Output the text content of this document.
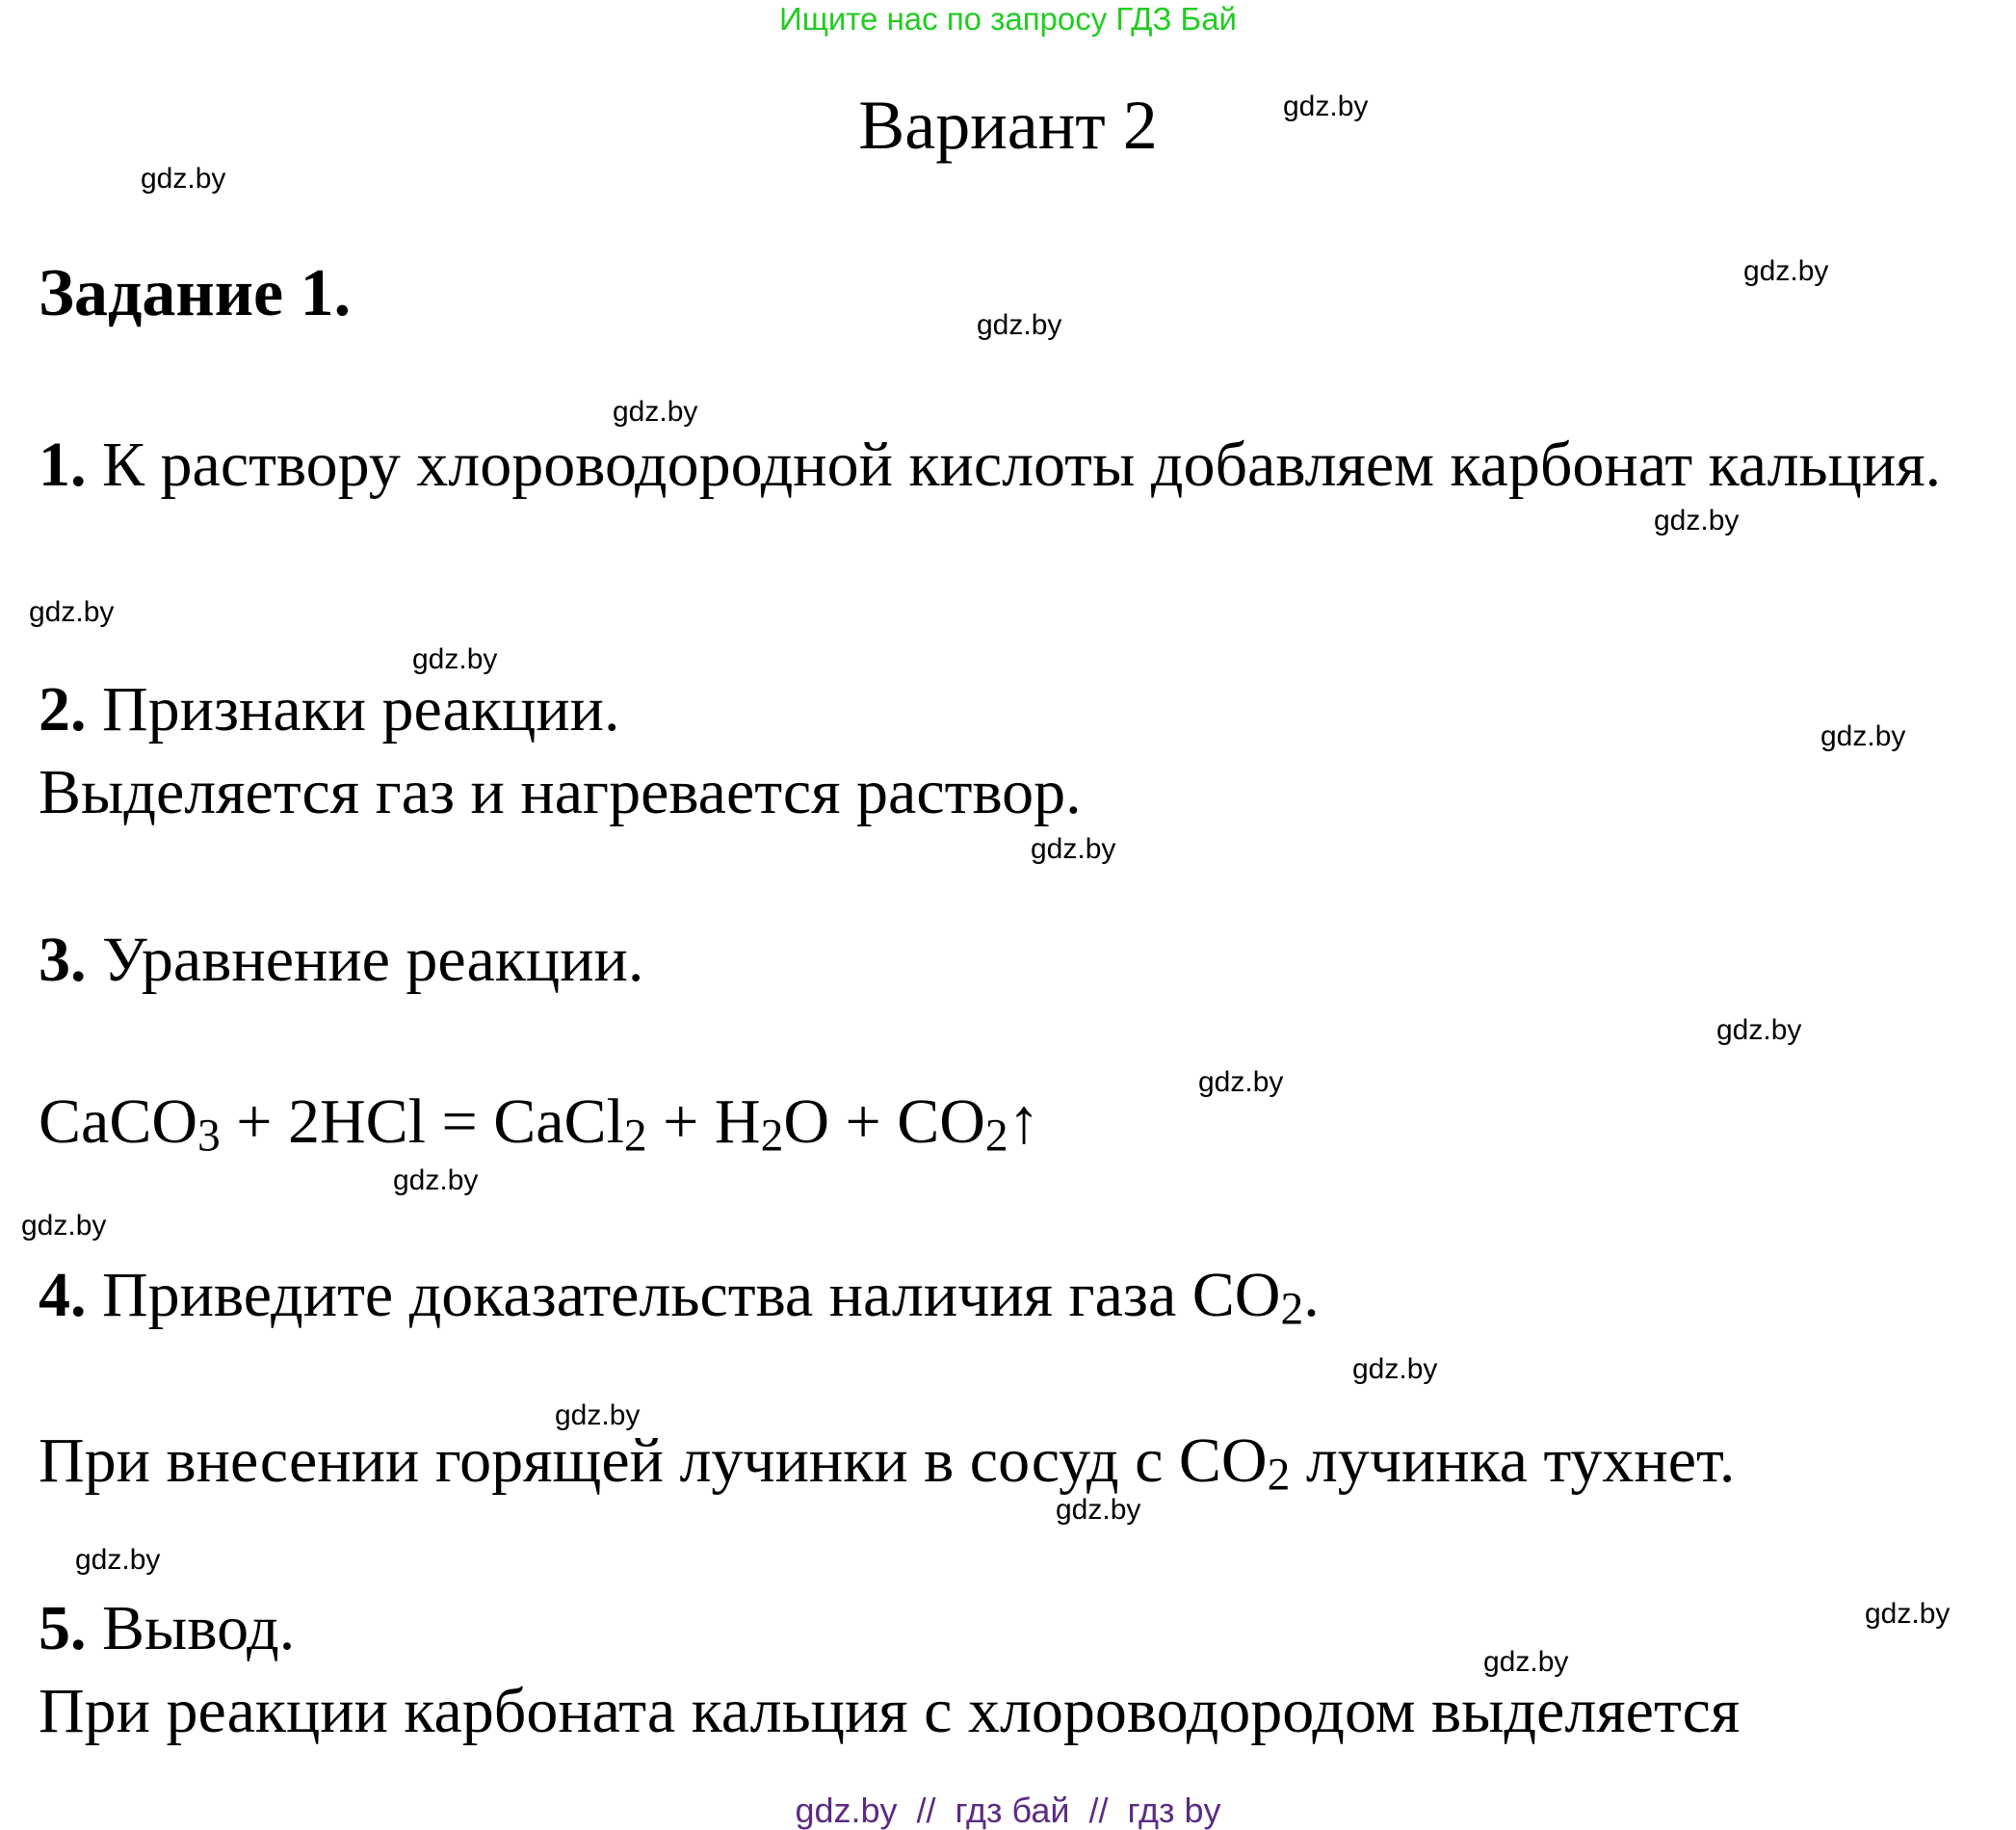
Ищите нас по запросу ГДЗ Бай
Вариант 2
Задание 1.
1. К раствору хлороводородной кислоты добавляем карбонат кальция.
2. Признаки реакции.
Выделяется газ и нагревается раствор.
3. Уравнение реакции.
CaCO$_3$ + 2HCl = CaCl$_2$ + $H_2O$ + $CO_2↑$
4. Приведите доказательства наличия газа $CO_2$.
При внесении горящей лучинки в сосуд с $CO_2$ лучинка тухнет.
5. Вывод.
При реакции карбоната кальция с хлороводородом выделяется
gdz.by
gdz.by
gdz.by
gdz.by
gdz.by
gdz.by
gdz.by
gdz.by
gdz.by
gdz.by
gdz.by
gdz.by
gdz.by
gdz.by
gdz.by
gdz.by
gdz.by
gdz.by
gdz.by
gdz.by
gdz.by  //  гдз бай  //  гдз by
